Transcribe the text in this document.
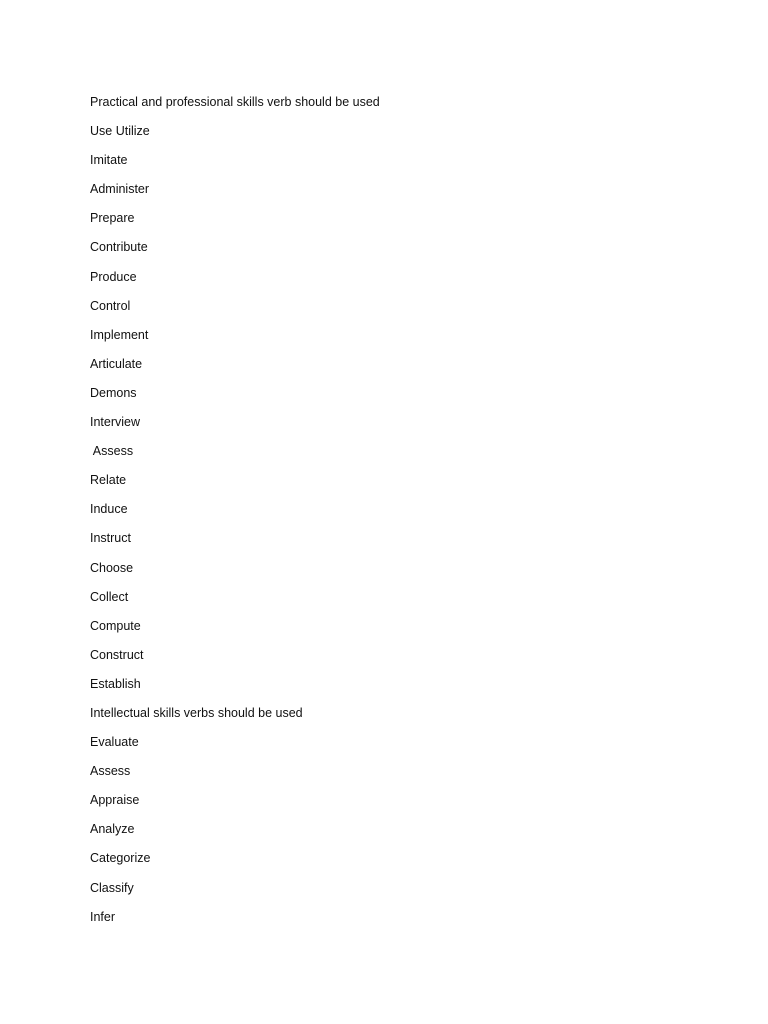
Practical and professional skills verb should be used
Use Utilize
Imitate
Administer
Prepare
Contribute
Produce
Control
Implement
Articulate
Demons
Interview
Assess
Relate
Induce
Instruct
Choose
Collect
Compute
Construct
Establish
Intellectual skills verbs should be used
Evaluate
Assess
Appraise
Analyze
Categorize
Classify
Infer
